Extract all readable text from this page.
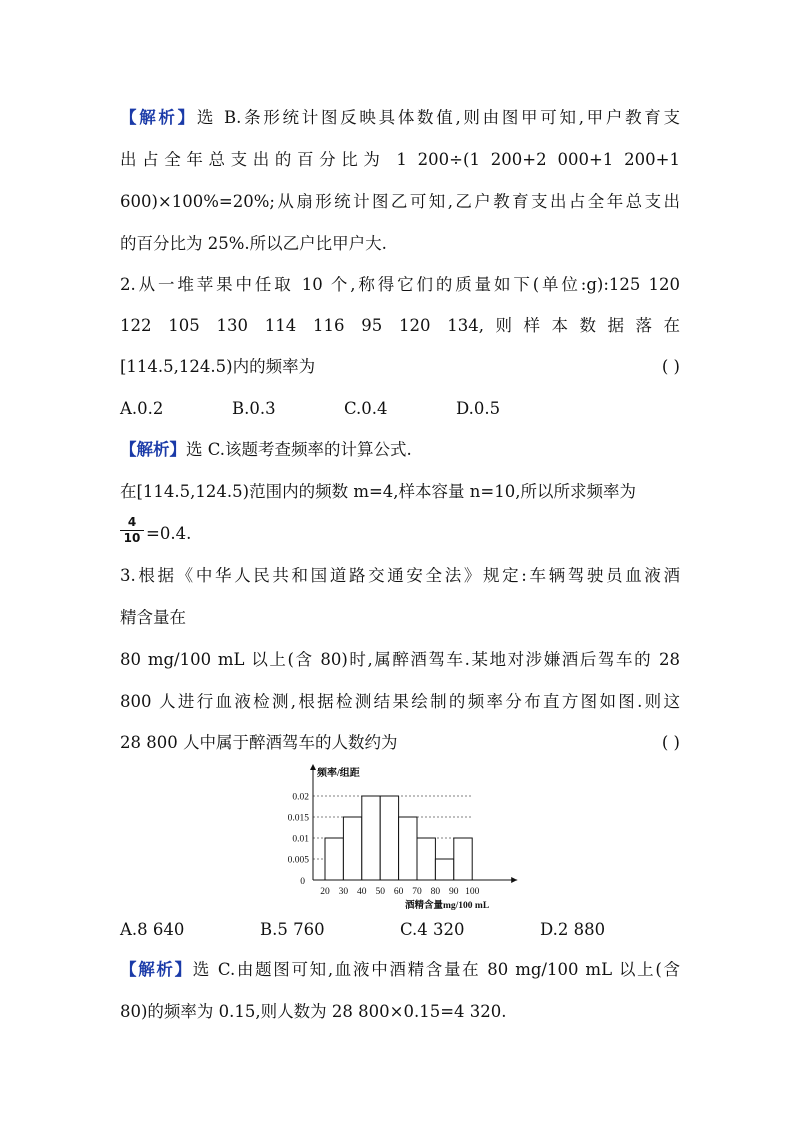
【解析】选 B.条形统计图反映具体数值,则由图甲可知,甲户教育支
出占全年总支出的百分比为 1 200÷(1 200+2 000+1 200+1
600)×100%=20%;从扇形统计图乙可知,乙户教育支出占全年总支出
的百分比为 25%.所以乙户比甲户大.
2.从一堆苹果中任取 10 个,称得它们的质量如下(单位:g):125 120
122 105 130 114 116 95 120 134,则样本数据落在
[114.5,124.5)内的频率为	( )
A.0.2	B.0.3	C.0.4	D.0.5
【解析】选 C.该题考查频率的计算公式.
在[114.5,124.5)范围内的频数 m=4,样本容量 n=10,所以所求频率为
4
10 =0.4.
3.根据《中华人民共和国道路交通安全法》规定:车辆驾驶员血液酒
精含量在
80 mg/100 mL 以上(含 80)时,属醉酒驾车.某地对涉嫌酒后驾车的 28
800 人进行血液检测,根据检测结果绘制的频率分布直方图如图.则这
28 800 人中属于醉酒驾车的人数约为	( )
0.005
0.01
0.015
0.02
0
20 30 40 50 60 70 80 90 100
频率/组距
酒精含量mg/100 mL
A.8 640	B.5 760	C.4 320	D.2 880
【解析】选 C.由题图可知,血液中酒精含量在 80 mg/100 mL 以上(含
80)的频率为 0.15,则人数为 28 800×0.15=4 320.
